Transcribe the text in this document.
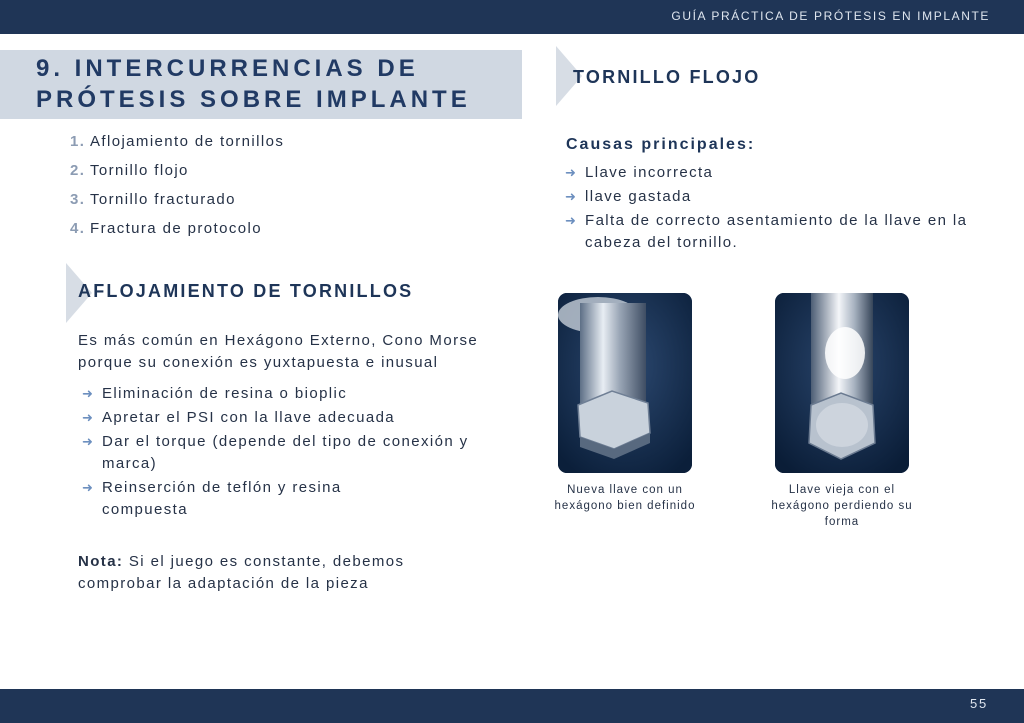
GUÍA PRÁCTICA DE PRÓTESIS EN IMPLANTE
55
9. INTERCURRENCIAS DE PRÓTESIS SOBRE IMPLANTE
1. Aflojamiento de tornillos
2. Tornillo flojo
3. Tornillo fracturado
4. Fractura de protocolo
AFLOJAMIENTO DE TORNILLOS

Es más común en Hexágono Externo, Cono Morse porque su conexión es yuxtapuesta e inusual

➜ Eliminación de resina o bioplic
➜ Apretar el PSI con la llave adecuada
➜ Dar el torque (depende del tipo de conexión y marca)
➜ Reinserción de teflón y resina compuesta

Nota: Si el juego es constante, debemos comprobar la adaptación de la pieza

TORNILLO FLOJO
Causas principales:
➜ Llave incorrecta
➜ llave gastada
➜ Falta de correcto asentamiento de la llave en la cabeza del tornillo.

Nueva llave con un hexágono bien definido

Llave vieja con el hexágono perdiendo su forma
